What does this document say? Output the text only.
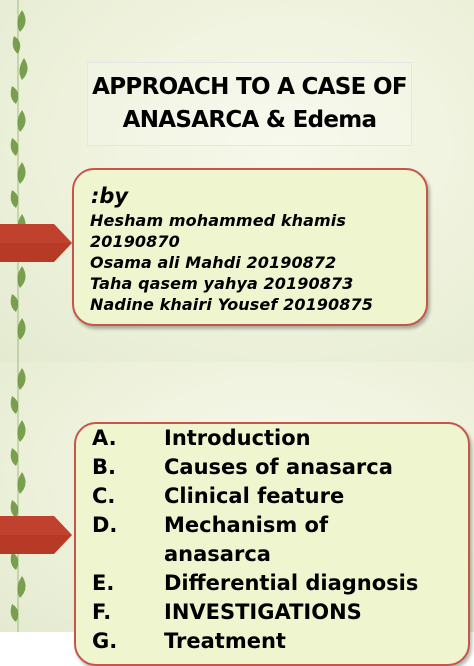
APPROACH TO A CASE OF
ANASARCA & Edema
:by
Hesham mohammed khamis
20190870
Osama ali Mahdi 20190872
Taha qasem yahya 20190873
Nadine khairi Yousef 20190875
A. Introduction
B. Causes of anasarca
C. Clinical feature
D. Mechanism of
anasarca
E. Differential diagnosis
F.	INVESTIGATIONS
G. Treatment
